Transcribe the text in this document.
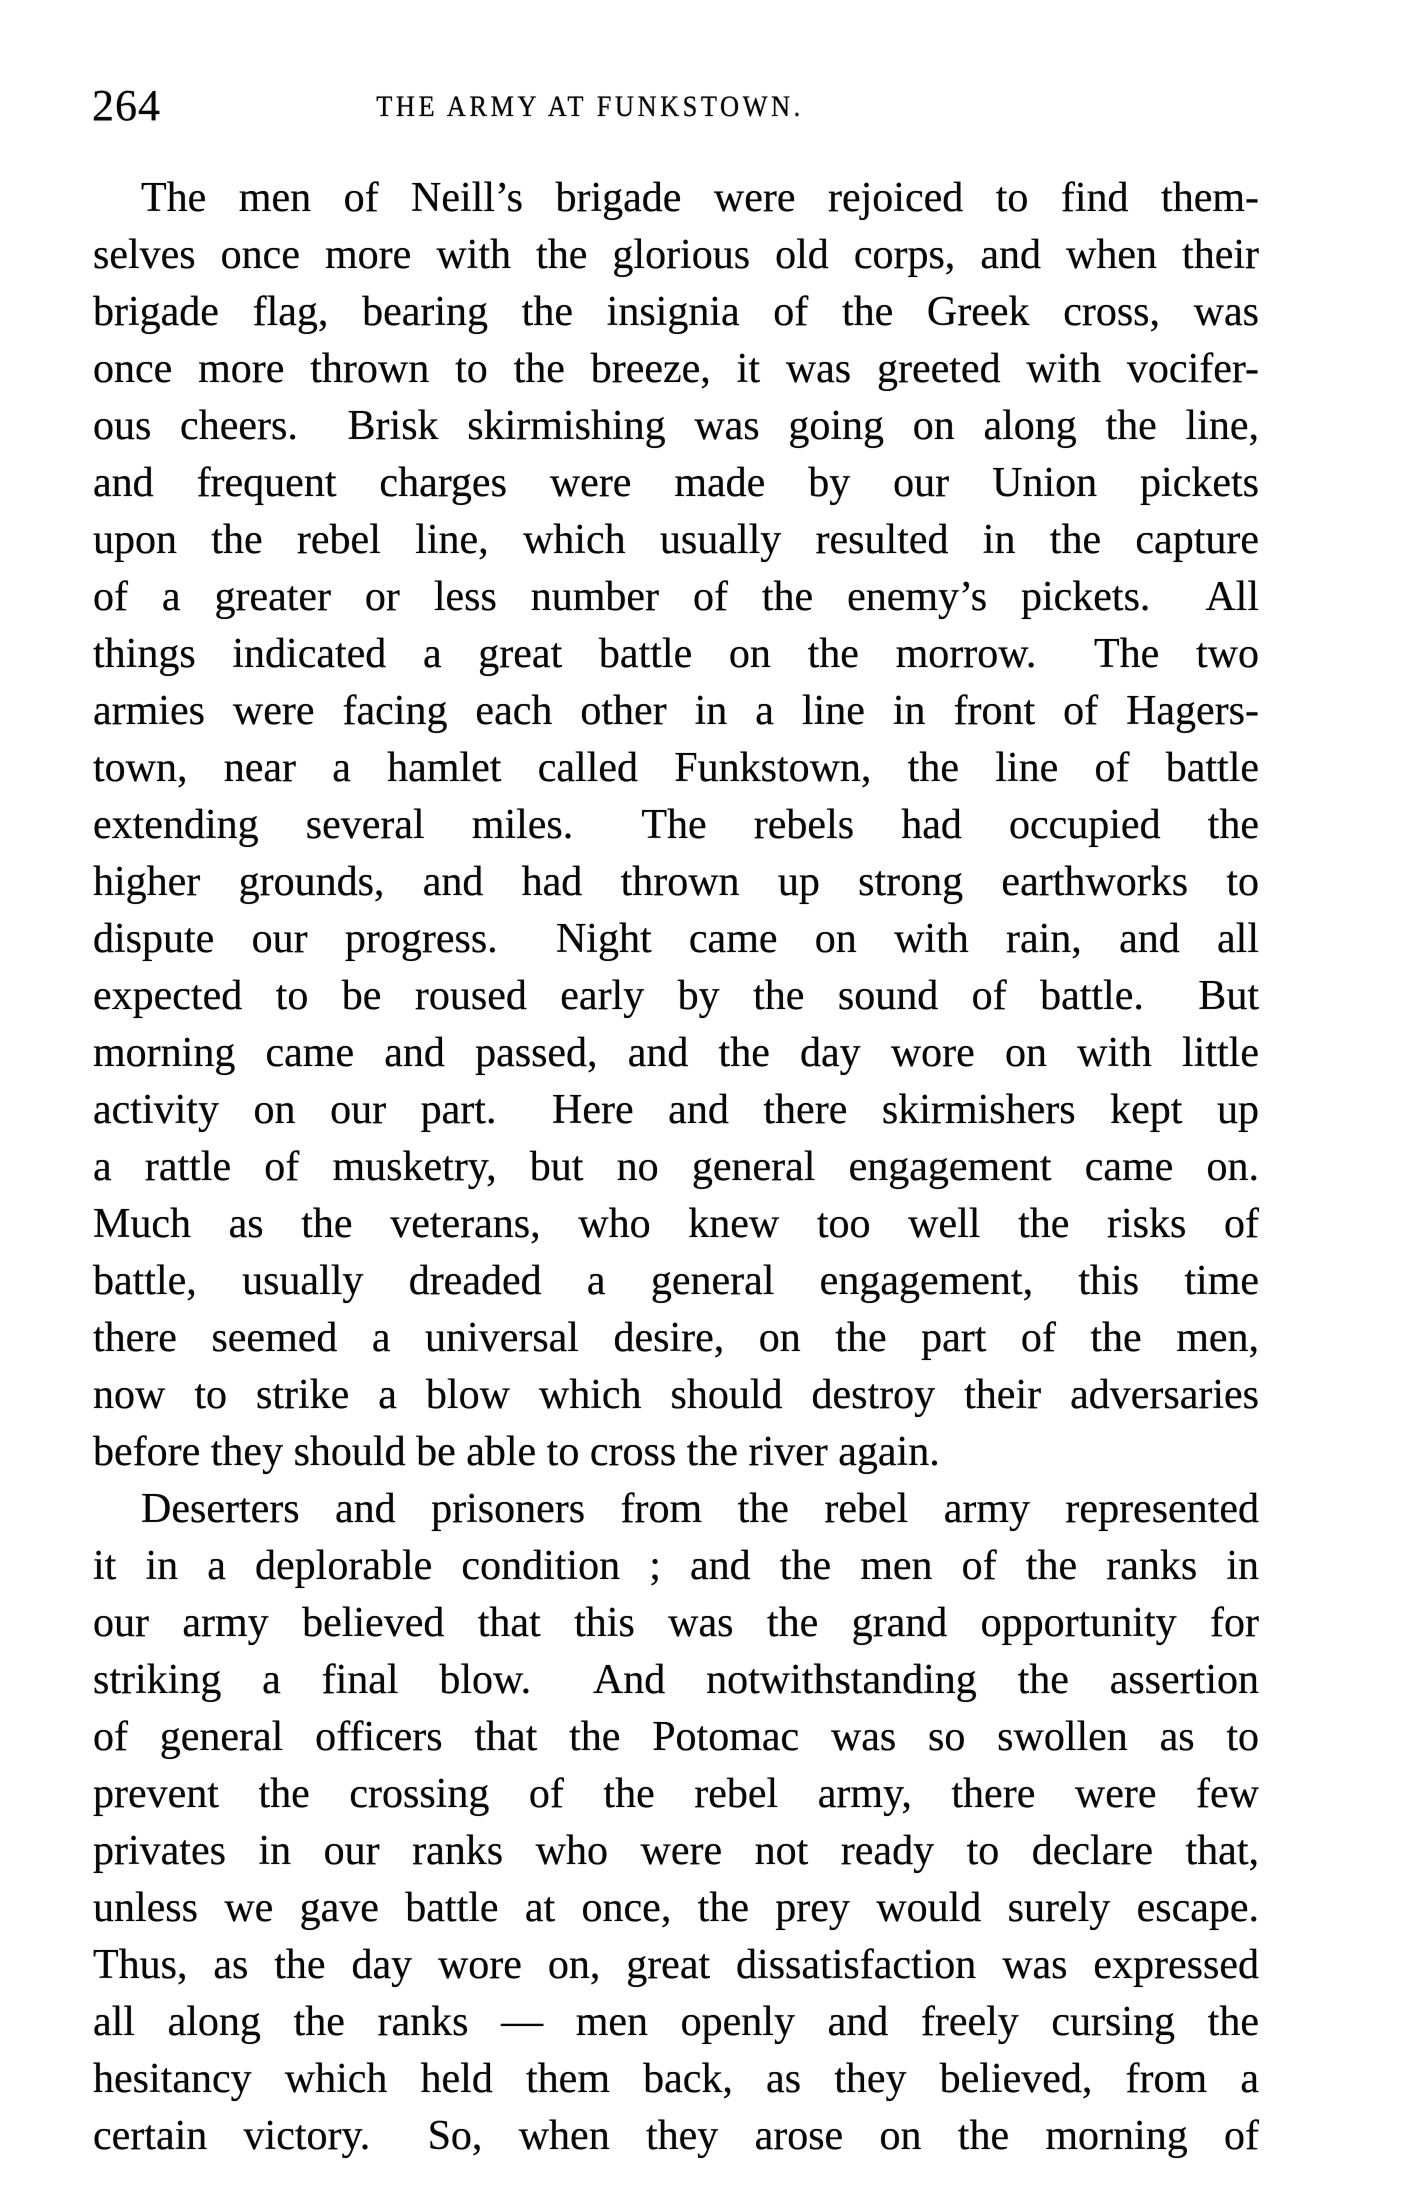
264	THE ARMY AT FUNKSTOWN.
The men of Neill’s brigade were rejoiced to find them-
selves once more with the glorious old corps, and when their
brigade flag, bearing the insignia of the Greek cross, was
once more thrown to the breeze, it was greeted with vocifer-
ous cheers.  Brisk skirmishing was going on along the line,
and frequent charges were made by our Union pickets
upon the rebel line, which usually resulted in the capture
of a greater or less number of the enemy’s pickets.  All
things indicated a great battle on the morrow.  The two
armies were facing each other in a line in front of Hagers-
town, near a hamlet called Funkstown, the line of battle
extending several miles.  The rebels had occupied the
higher grounds, and had thrown up strong earthworks to
dispute our progress.  Night came on with rain, and all
expected to be roused early by the sound of battle.  But
morning came and passed, and the day wore on with little
activity on our part.  Here and there skirmishers kept up
a rattle of musketry, but no general engagement came on.
Much as the veterans, who knew too well the risks of
battle, usually dreaded a general engagement, this time
there seemed a universal desire, on the part of the men,
now to strike a blow which should destroy their adversaries
before they should be able to cross the river again.
Deserters and prisoners from the rebel army represented
it in a deplorable condition ; and the men of the ranks in
our army believed that this was the grand opportunity for
striking a final blow.  And notwithstanding the assertion
of general officers that the Potomac was so swollen as to
prevent the crossing of the rebel army, there were few
privates in our ranks who were not ready to declare that,
unless we gave battle at once, the prey would surely escape.
Thus, as the day wore on, great dissatisfaction was expressed
all along the ranks — men openly and freely cursing the
hesitancy which held them back, as they believed, from a
certain victory.  So, when they arose on the morning of
